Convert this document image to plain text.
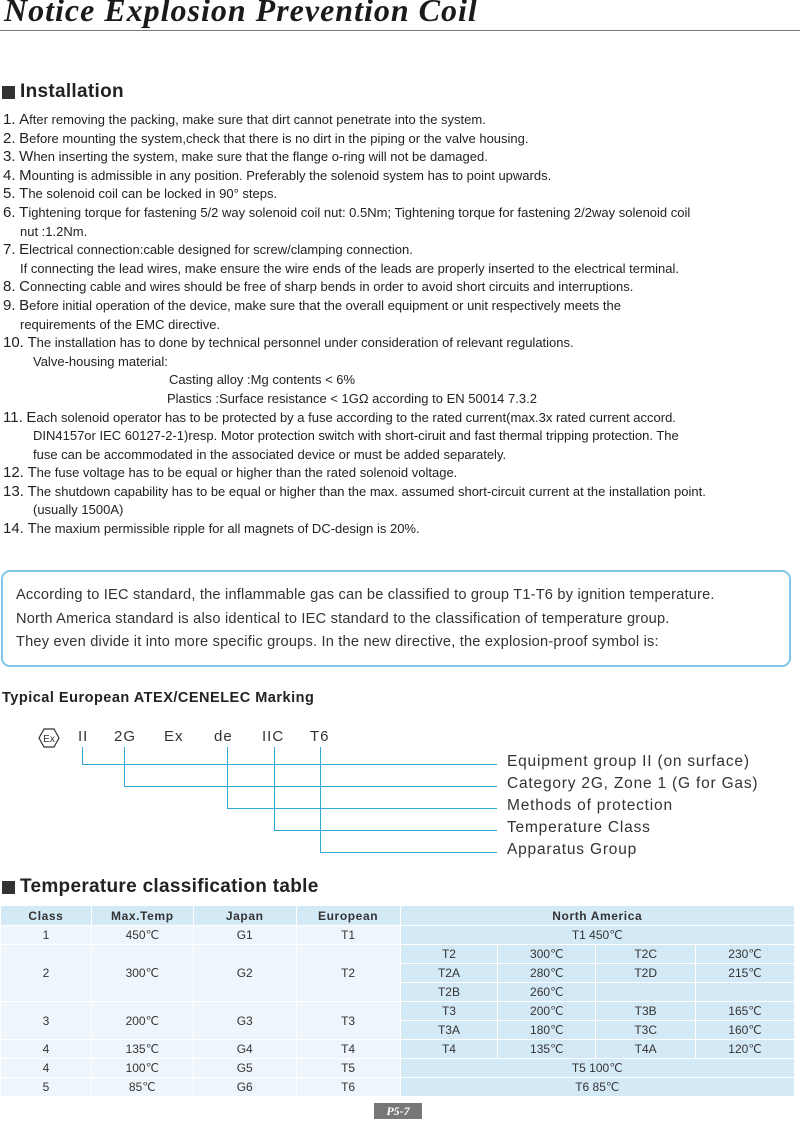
Notice Explosion Prevention Coil
Installation
1. After removing the packing, make sure that dirt cannot penetrate into the system.
2. Before mounting the system,check that there is no dirt in the piping or the valve housing.
3. When inserting the system, make sure that the flange o-ring will not be damaged.
4. Mounting is admissible in any position. Preferably the solenoid system has to point upwards.
5. The solenoid coil can be locked in 90° steps.
6. Tightening torque for fastening 5/2 way solenoid coil nut: 0.5Nm; Tightening torque for fastening 2/2way solenoid coil
nut :1.2Nm.
7. Electrical connection:cable designed for screw/clamping connection.
If connecting the lead wires, make ensure the wire ends of the leads are properly inserted to the electrical terminal.
8. Connecting cable and wires should be free of sharp bends in order to avoid short circuits and interruptions.
9. Before initial operation of the device, make sure that the overall equipment or unit respectively meets the
requirements of the EMC directive.
10. The installation has to done by technical personnel under consideration of relevant regulations.
Valve-housing material:
Casting alloy :Mg contents < 6%
Plastics :Surface resistance < 1GΩ according to EN 50014 7.3.2
11. Each solenoid operator has to be protected by a fuse according to the rated current(max.3x rated current accord.
DIN4157or IEC 60127-2-1)resp. Motor protection switch with short-ciruit and fast thermal tripping protection. The
fuse can be accommodated in the associated device or must be added separately.
12. The fuse voltage has to be equal or higher than the rated solenoid voltage.
13. The shutdown capability has to be equal or higher than the max. assumed short-circuit current at the installation point.
(usually 1500A)
14. The maxium permissible ripple for all magnets of DC-design is 20%.

According to IEC standard, the inflammable gas can be classified to group T1-T6 by ignition temperature.

North America standard is also identical to IEC standard to the classification of temperature group.

They even divide it into more specific groups. In the new directive, the explosion-proof symbol is:

Typical European ATEX/CENELEC Marking
Ex II 2G Ex de IIC T6
Equipment group II (on surface)
Category 2G, Zone 1 (G for Gas)
Methods of protection
Temperature Class
Apparatus Group
Temperature classification table
Class	Max.Temp	Japan	European	North America			
1	450℃	G1	T1	T1 450℃			
2	300℃	G2	T2	T2	300℃	T2C	230℃
				T2A	280℃	T2D	215℃
				T2B	260℃		
3	200℃	G3	T3	T3	200℃	T3B	165℃
				T3A	180℃	T3C	160℃
4	135℃	G4	T4	T4	135℃	T4A	120℃
4	100℃	G5	T5	T5 100℃			
5	85℃	G6	T6	T6 85℃			
P5-7
